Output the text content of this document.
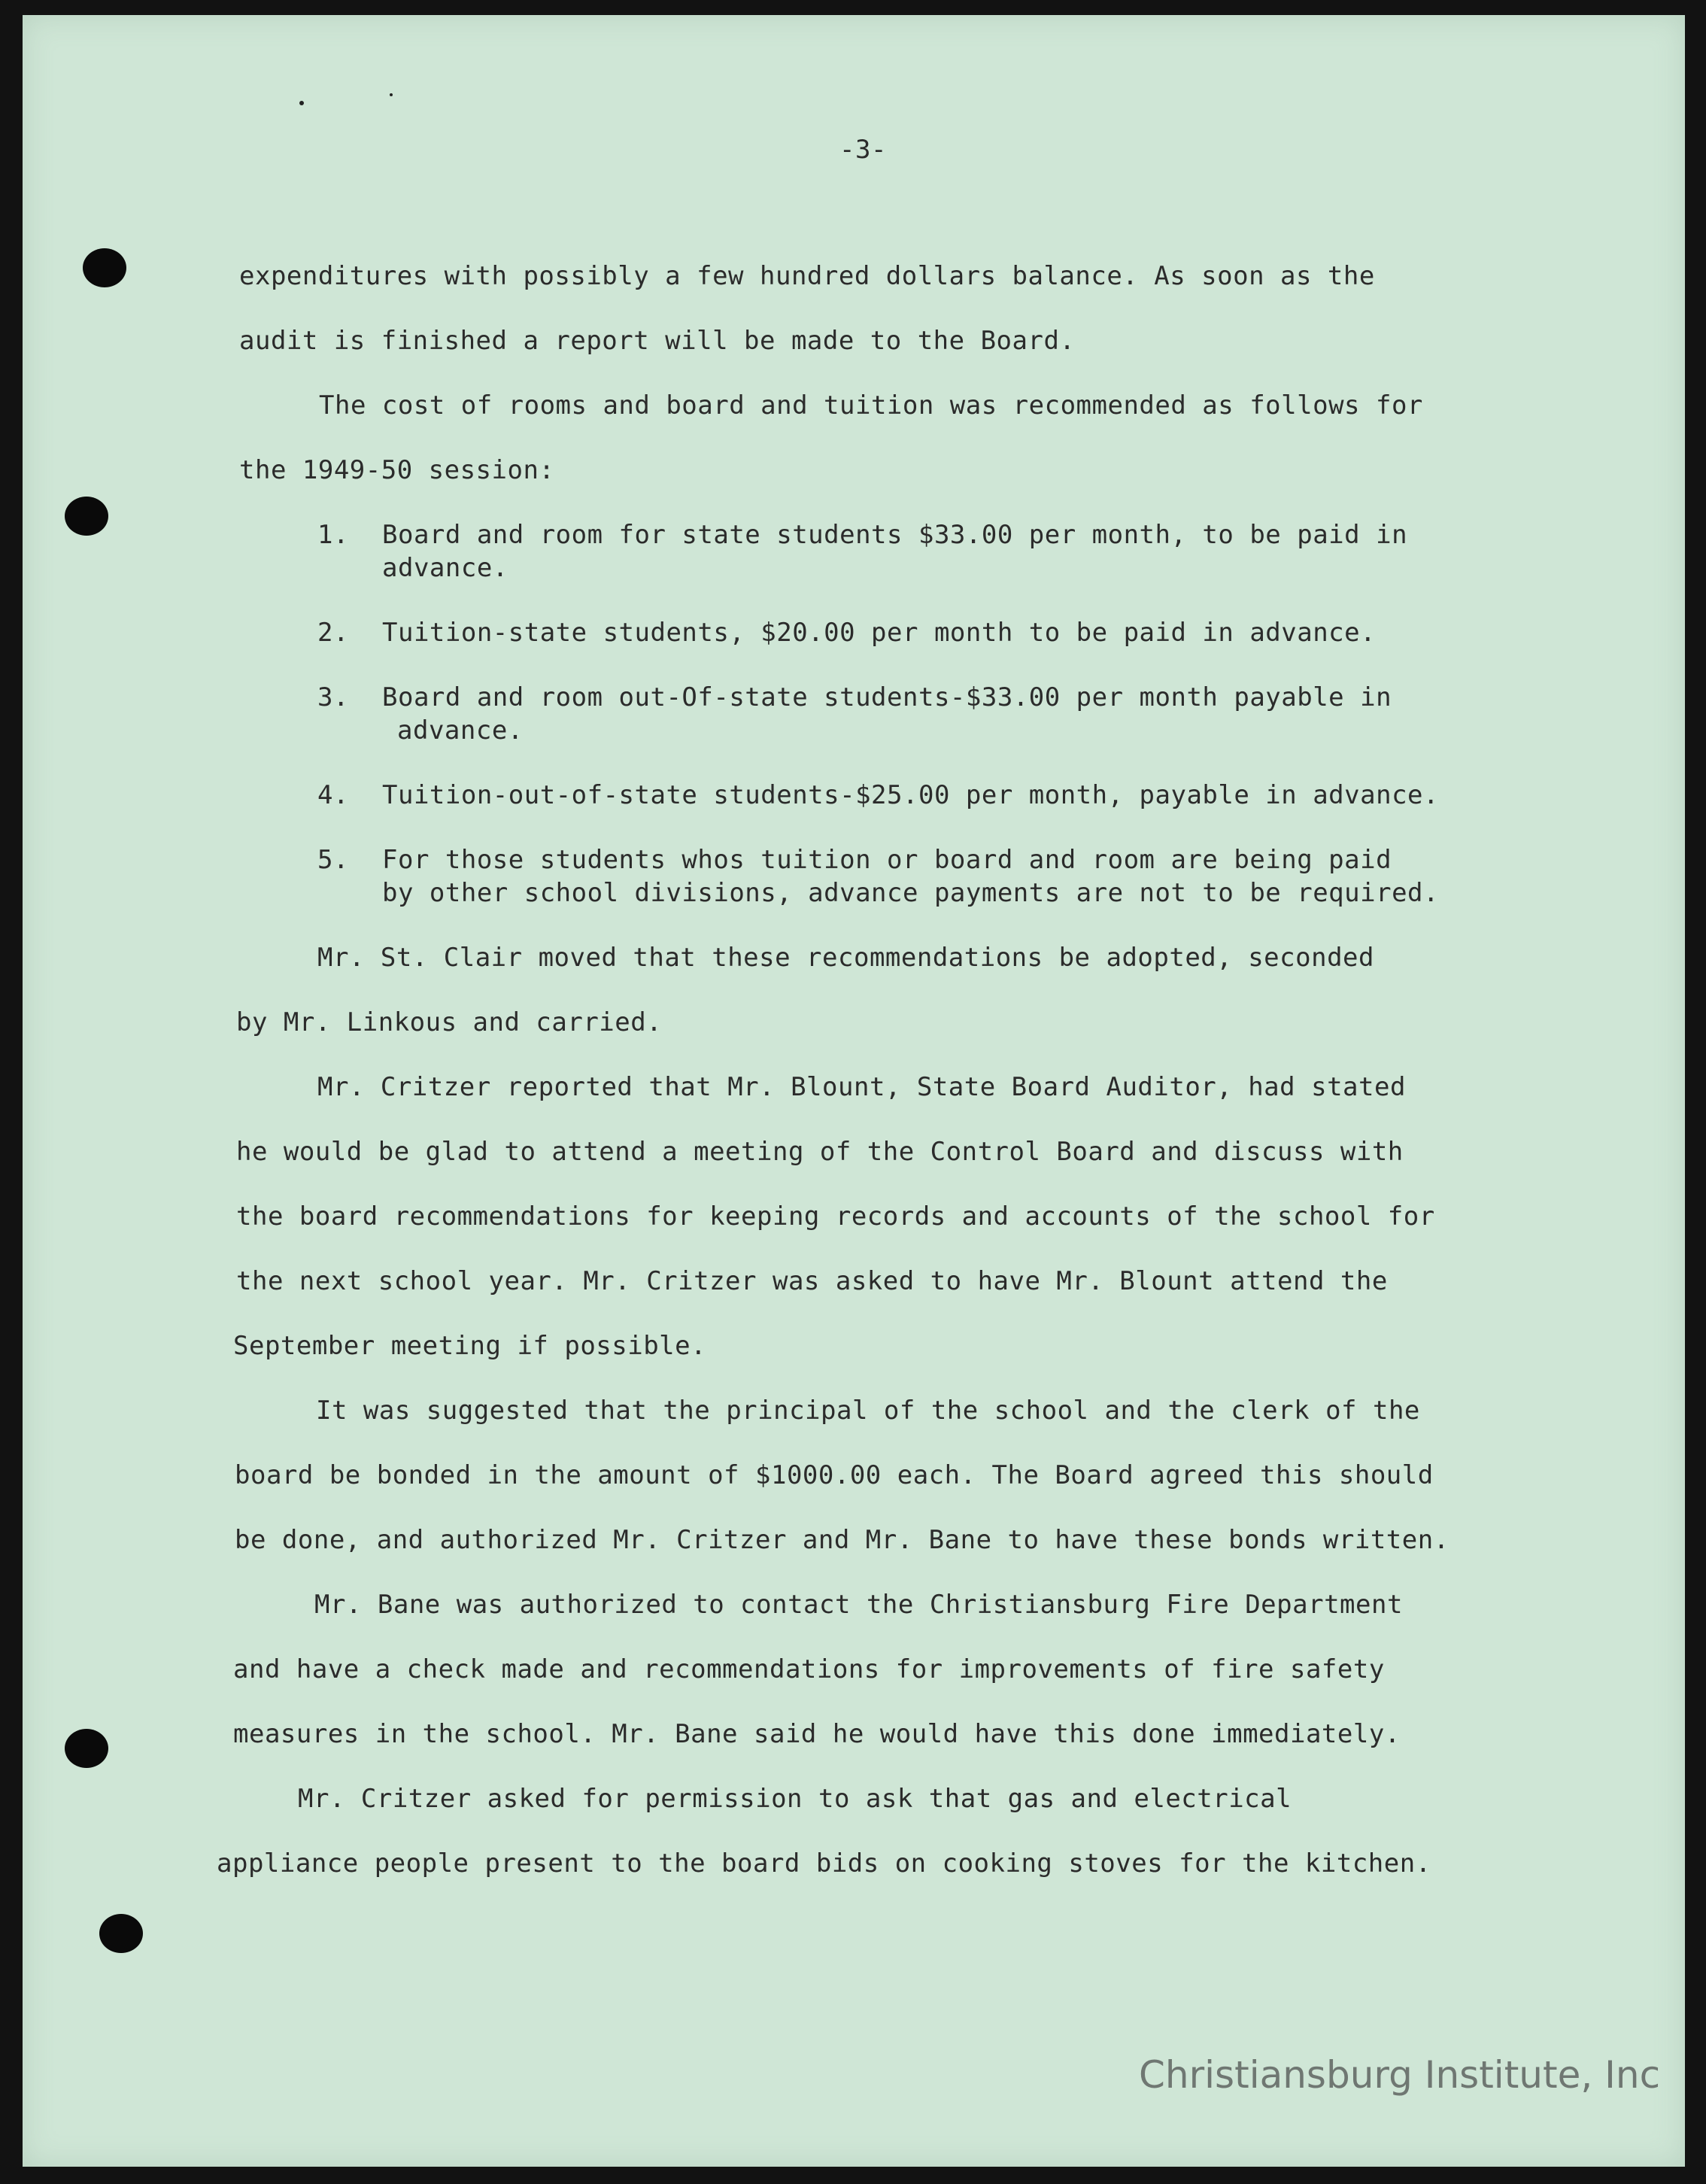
-3-
expenditures with possibly a few hundred dollars balance. As soon as the
audit is finished a report will be made to the Board.
The cost of rooms and board and tuition was recommended as follows for
the 1949-50 session:
1. Board and room for state students $33.00 per month, to be paid in
advance.
2. Tuition-state students, $20.00 per month to be paid in advance.
3. Board and room out-Of-state students-$33.00 per month payable in
advance.
4. Tuition-out-of-state students-$25.00 per month, payable in advance.
5. For those students whos tuition or board and room are being paid
by other school divisions, advance payments are not to be required.
Mr. St. Clair moved that these recommendations be adopted, seconded
by Mr. Linkous and carried.
Mr. Critzer reported that Mr. Blount, State Board Auditor, had stated
he would be glad to attend a meeting of the Control Board and discuss with
the board recommendations for keeping records and accounts of the school for
the next school year. Mr. Critzer was asked to have Mr. Blount attend the
September meeting if possible.
It was suggested that the principal of the school and the clerk of the
board be bonded in the amount of $1000.00 each. The Board agreed this should
be done, and authorized Mr. Critzer and Mr. Bane to have these bonds written.
Mr. Bane was authorized to contact the Christiansburg Fire Department
and have a check made and recommendations for improvements of fire safety
measures in the school. Mr. Bane said he would have this done immediately.
Mr. Critzer asked for permission to ask that gas and electrical
appliance people present to the board bids on cooking stoves for the kitchen.
Christiansburg Institute, Inc
